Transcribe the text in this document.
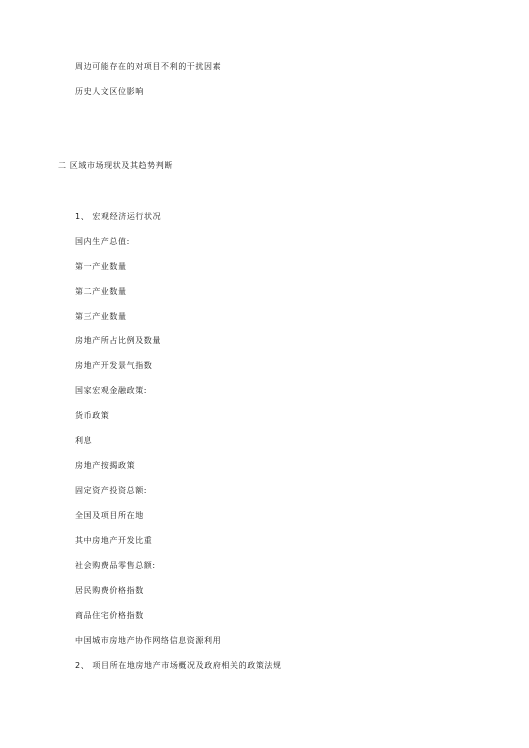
周边可能存在的对项目不利的干扰因素
历史人文区位影响
二 区域市场现状及其趋势判断
1、 宏观经济运行状况
国内生产总值:
第一产业数量
第二产业数量
第三产业数量
房地产所占比例及数量
房地产开发景气指数
国家宏观金融政策:
货币政策
利息
房地产按揭政策
固定资产投资总额:
全国及项目所在地
其中房地产开发比重
社会购费品零售总额:
居民购费价格指数
商品住宅价格指数
中国城市房地产协作网络信息资源利用
2、 项目所在地房地产市场概况及政府相关的政策法规
